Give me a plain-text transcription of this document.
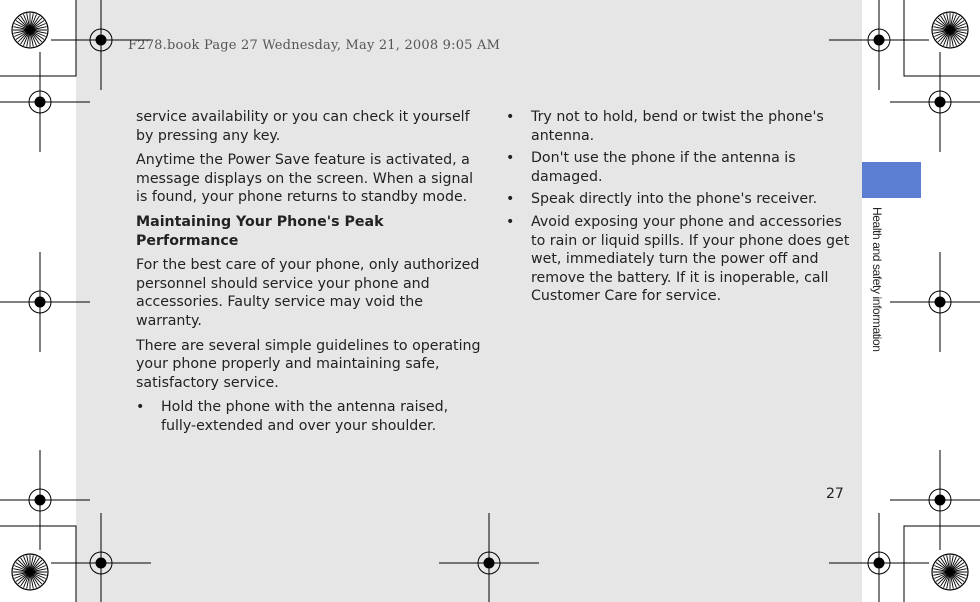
F278.book Page 27 Wednesday, May 21, 2008 9:05 AM

service availability or you can check it yourself by pressing any key.

Anytime the Power Save feature is activated, a message displays on the screen. When a signal is found, your phone returns to standby mode.

Maintaining Your Phone's Peak Performance

For the best care of your phone, only authorized personnel should service your phone and accessories. Faulty service may void the warranty.

There are several simple guidelines to operating your phone properly and maintaining safe, satisfactory service.

• Hold the phone with the antenna raised, fully-extended and over your shoulder.
• Try not to hold, bend or twist the phone's antenna.
• Don't use the phone if the antenna is damaged.
• Speak directly into the phone's receiver.
• Avoid exposing your phone and accessories to rain or liquid spills. If your phone does get wet, immediately turn the power off and remove the battery. If it is inoperable, call Customer Care for service.	Health and safety information
27
